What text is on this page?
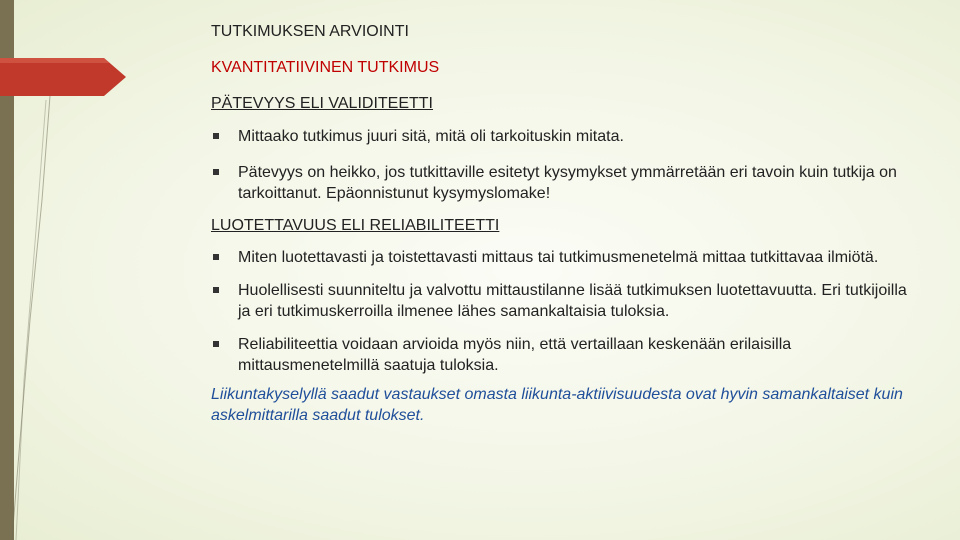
TUTKIMUKSEN ARVIOINTI
KVANTITATIIVINEN TUTKIMUS
PÄTEVYYS ELI VALIDITEETTI
Mittaako tutkimus juuri sitä, mitä oli tarkoituskin mitata.
Pätevyys on heikko, jos tutkittaville esitetyt kysymykset ymmärretään eri tavoin kuin tutkija on tarkoittanut. Epäonnistunut kysymyslomake!
LUOTETTAVUUS ELI RELIABILITEETTI
Miten luotettavasti ja toistettavasti mittaus tai tutkimusmenetelmä mittaa tutkittavaa ilmiötä.
Huolellisesti suunniteltu ja valvottu mittaustilanne lisää tutkimuksen luotettavuutta. Eri tutkijoilla ja eri tutkimuskerroilla ilmenee lähes samankaltaisia tuloksia.
Reliabiliteettia voidaan arvioida myös niin, että vertaillaan keskenään erilaisilla mittausmenetelmillä saatuja tuloksia.
Liikuntakyselyllä saadut vastaukset omasta liikunta-aktiivisuudesta ovat hyvin samankaltaiset kuin askelmittarilla saadut tulokset.
